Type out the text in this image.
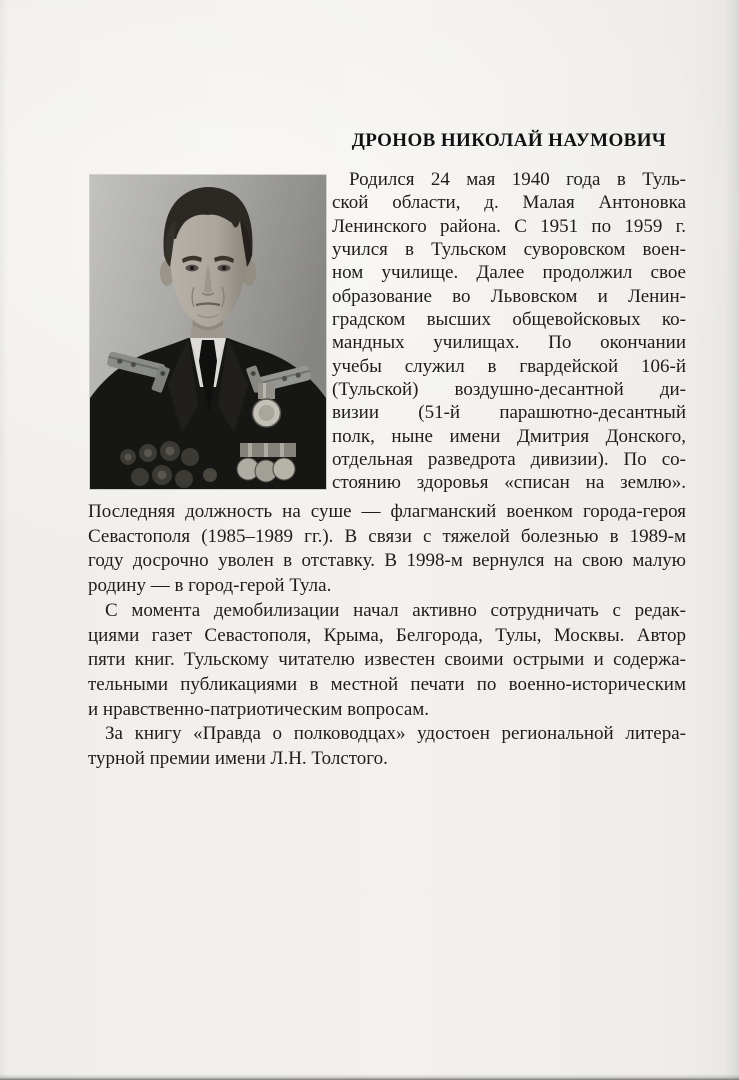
ДРОНОВ НИКОЛАЙ НАУМОВИЧ
Родился 24 мая 1940 года в Туль-
ской области, д. Малая Антоновка
Ленинского района. С 1951 по 1959 г.
учился в Тульском суворовском воен-
ном училище. Далее продолжил свое
образование во Львовском и Ленин-
градском высших общевойсковых ко-
мандных училищах. По окончании
учебы служил в гвардейской 106-й
(Тульской) воздушно-десантной ди-
визии (51-й парашютно-десантный
полк, ныне имени Дмитрия Донского,
отдельная разведрота дивизии). По со-
стоянию здоровья «списан на землю».
Последняя должность на суше — флагманский военком города-героя
Севастополя (1985–1989 гг.). В связи с тяжелой болезнью в 1989-м
году досрочно уволен в отставку. В 1998-м вернулся на свою малую
родину — в город-герой Тула.
С момента демобилизации начал активно сотрудничать с редак-
циями газет Севастополя, Крыма, Белгорода, Тулы, Москвы. Автор
пяти книг. Тульскому читателю известен своими острыми и содержа-
тельными публикациями в местной печати по военно-историческим
и нравственно-патриотическим вопросам.
За книгу «Правда о полководцах» удостоен региональной литера-
турной премии имени Л.Н. Толстого.
